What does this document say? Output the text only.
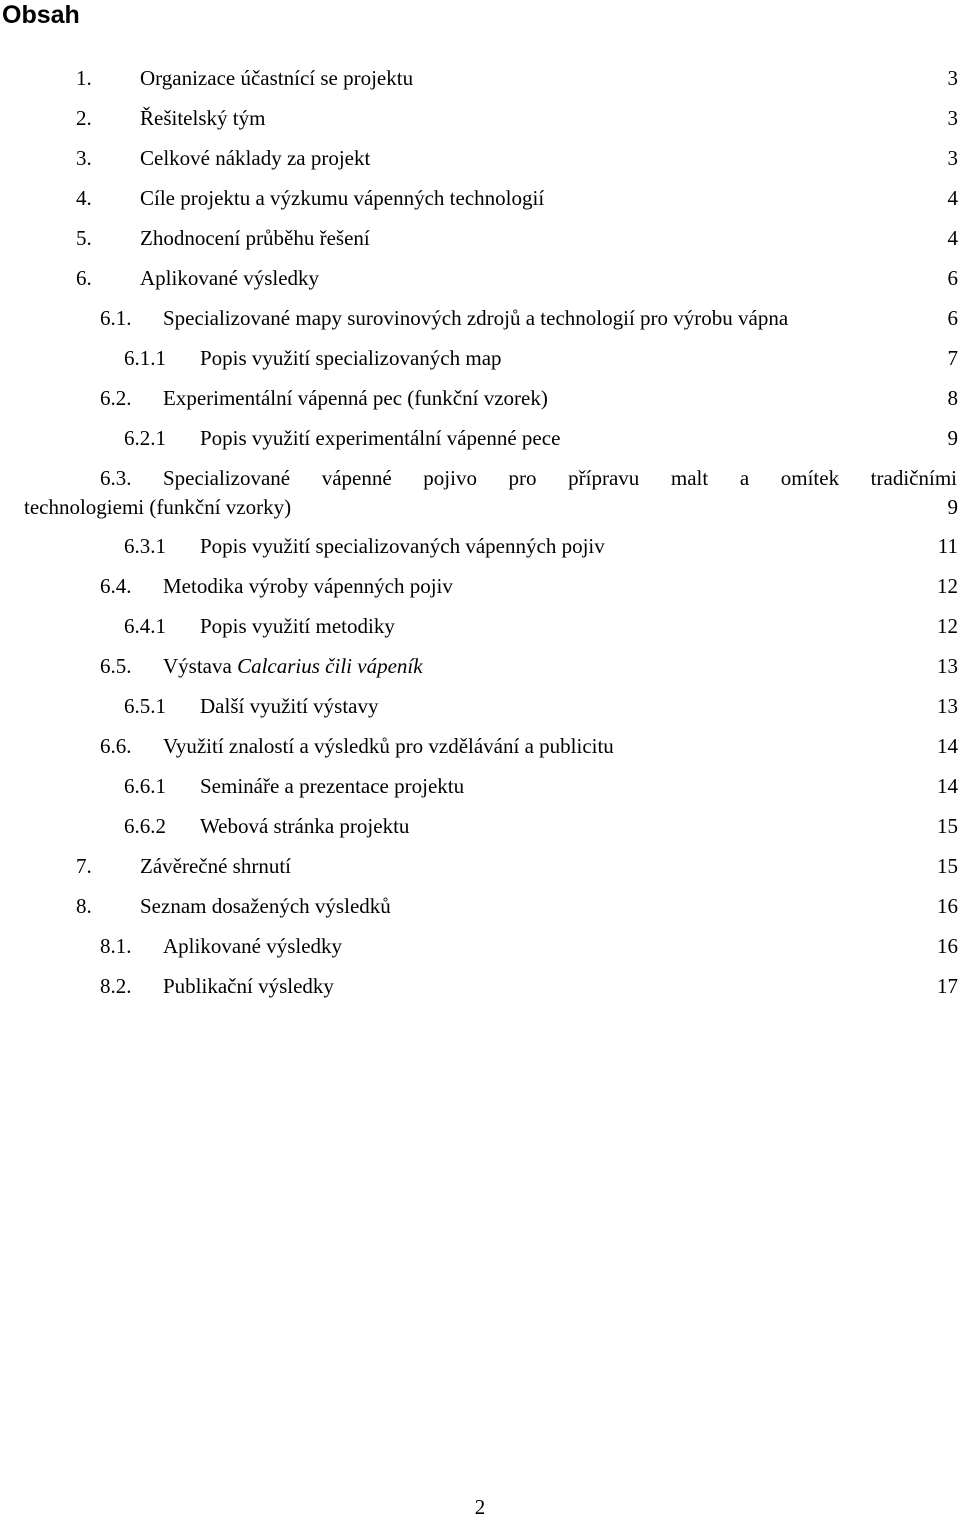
Obsah
1. Organizace účastnící se projektu	3
2. Řešitelský tým	3
3. Celkové náklady za projekt	3
4. Cíle projektu a výzkumu vápenných technologií	4
5. Zhodnocení průběhu řešení	4
6. Aplikované výsledky	6
6.1. Specializované mapy surovinových zdrojů a technologií pro výrobu vápna	6
6.1.1 Popis využití specializovaných map	7
6.2. Experimentální vápenná pec (funkční vzorek)	8
6.2.1 Popis využití experimentální vápenné pece	9
6.3. Specializované vápenné pojivo pro přípravu malt a omítek tradičními
technologiemi (funkční vzorky)	9
6.3.1 Popis využití specializovaných vápenných pojiv	11
6.4. Metodika výroby vápenných pojiv	12
6.4.1 Popis využití metodiky	12
6.5. Výstava Calcarius čili vápeník	13
6.5.1 Další využití výstavy	13
6.6. Využití znalostí a výsledků pro vzdělávání a publicitu	14
6.6.1 Semináře a prezentace projektu	14
6.6.2 Webová stránka projektu	15
7. Závěrečné shrnutí	15
8. Seznam dosažených výsledků	16
8.1. Aplikované výsledky	16
8.2. Publikační výsledky	17
2
